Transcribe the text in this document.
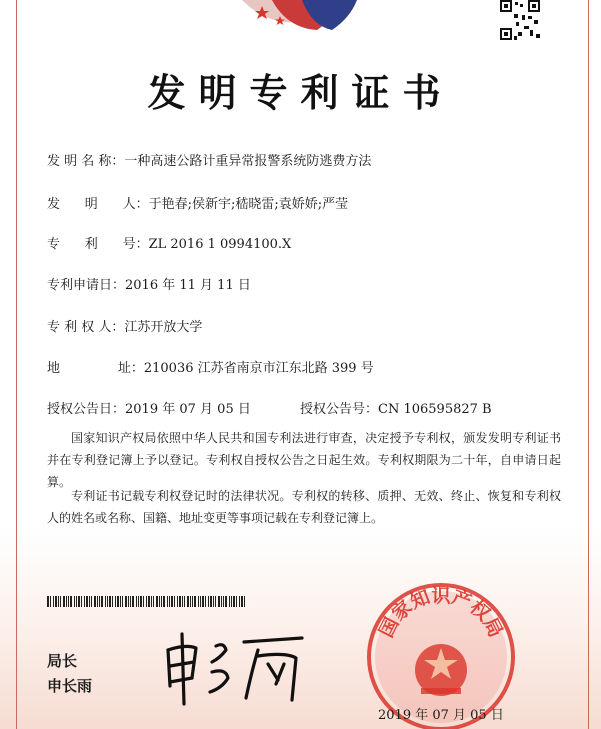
发明专利证书
发 明 名 称：一种高速公路计重异常报警系统防逃费方法
发      明      人：于艳春;侯新宇;嵇晓雷;袁娇娇;严莹
专      利      号：ZL 2016 1 0994100.X
专利申请日：2016 年 11 月 11 日
专 利 权 人：江苏开放大学
地              址：210036 江苏省南京市江东北路 399 号
授权公告日：2019 年 07 月 05 日	授权公告号：CN 106595827 B
国家知识产权局依照中华人民共和国专利法进行审查，决定授予专利权，颁发发明专利证书并在专利登记簿上予以登记。专利权自授权公告之日起生效。专利权期限为二十年，自申请日起算。
专利证书记载专利权登记时的法律状况。专利权的转移、质押、无效、终止、恢复和专利权人的姓名或名称、国籍、地址变更等事项记载在专利登记簿上。
局长
申长雨
国家知识产权局
2019 年 07 月 05 日
